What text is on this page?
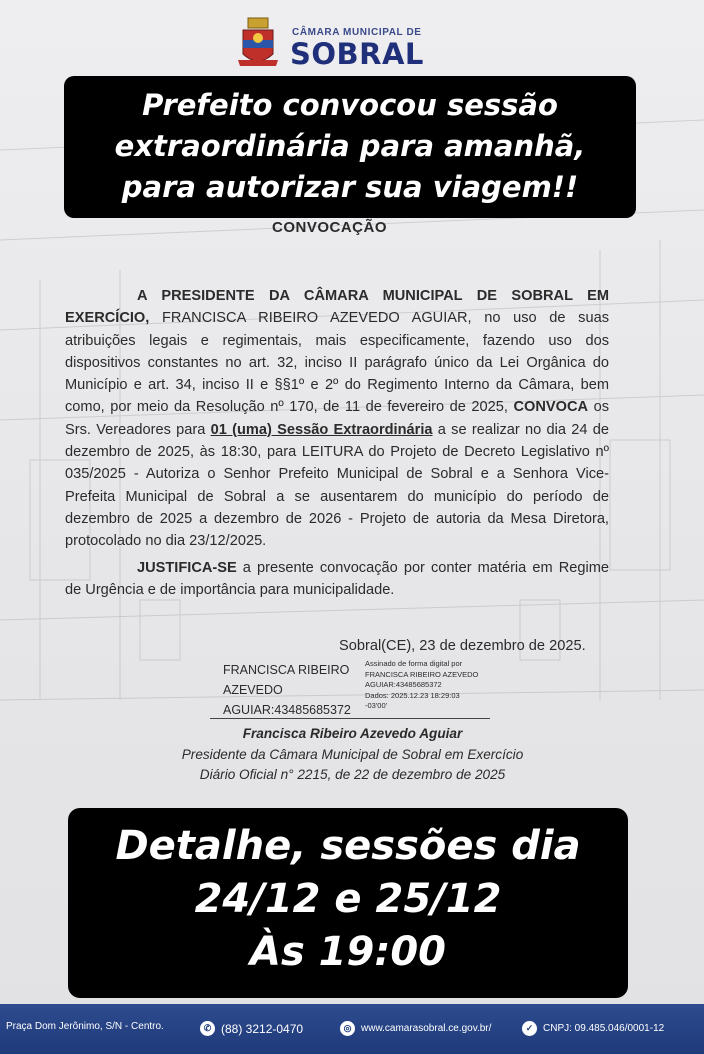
CÂMARA MUNICIPAL DE
SOBRAL
Prefeito convocou sessão
extraordinária para amanhã,
para autorizar sua viagem!!
CONVOCAÇÃO

A PRESIDENTE DA CÂMARA MUNICIPAL DE SOBRAL EM EXERCÍCIO, FRANCISCA RIBEIRO AZEVEDO AGUIAR, no uso de suas atribuições legais e regimentais, mais especificamente, fazendo uso dos dispositivos constantes no art. 32, inciso II parágrafo único da Lei Orgânica do Município e art. 34, inciso II e §§1º e 2º do Regimento Interno da Câmara, bem como, por meio da Resolução nº 170, de 11 de fevereiro de 2025, CONVOCA os Srs. Vereadores para 01 (uma) Sessão Extraordinária a se realizar no dia 24 de dezembro de 2025, às 18:30, para LEITURA do Projeto de Decreto Legislativo nº 035/2025 - Autoriza o Senhor Prefeito Municipal de Sobral e a Senhora Vice-Prefeita Municipal de Sobral a se ausentarem do município do período de dezembro de 2025 a dezembro de 2026 - Projeto de autoria da Mesa Diretora, protocolado no dia 23/12/2025.

JUSTIFICA-SE a presente convocação por conter matéria em Regime de Urgência e de importância para municipalidade.

Sobral(CE), 23 de dezembro de 2025.
FRANCISCA RIBEIRO
AZEVEDO
AGUIAR:43485685372
Assinado de forma digital por
FRANCISCA RIBEIRO AZEVEDO
AGUIAR:43485685372
Dados: 2025.12.23 18:29:03
-03'00'
Francisca Ribeiro Azevedo Aguiar
Presidente da Câmara Municipal de Sobral em Exercício
Diário Oficial n° 2215, de 22 de dezembro de 2025
Detalhe, sessões dia
24/12 e 25/12
Às 19:00
Praça Dom Jerônimo, S/N - Centro.	✆ (88) 3212-0470	◎ www.camarasobral.ce.gov.br/	✓ CNPJ: 09.485.046/0001-12
